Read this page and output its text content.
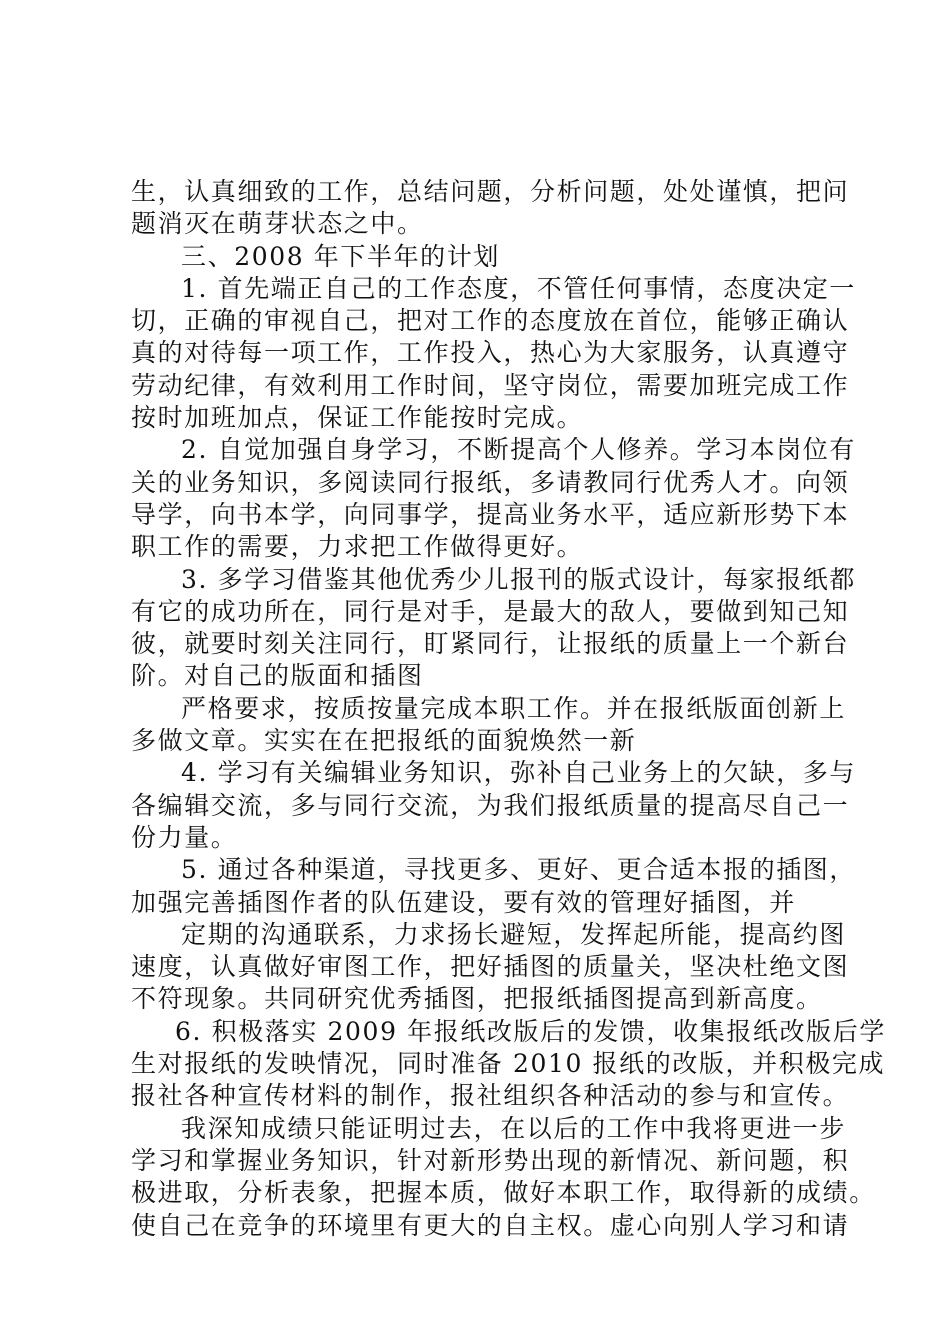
生，认真细致的工作，总结问题，分析问题，处处谨慎，把问
题消灭在萌芽状态之中。
三、2008 年下半年的计划
1. 首先端正自己的工作态度，不管任何事情，态度决定一
切，正确的审视自己，把对工作的态度放在首位，能够正确认
真的对待每一项工作，工作投入，热心为大家服务，认真遵守
劳动纪律，有效利用工作时间，坚守岗位，需要加班完成工作
按时加班加点，保证工作能按时完成。
2. 自觉加强自身学习，不断提高个人修养。学习本岗位有
关的业务知识，多阅读同行报纸，多请教同行优秀人才。向领
导学，向书本学，向同事学，提高业务水平，适应新形势下本
职工作的需要，力求把工作做得更好。
3. 多学习借鉴其他优秀少儿报刊的版式设计，每家报纸都
有它的成功所在，同行是对手，是最大的敌人，要做到知己知
彼，就要时刻关注同行，盯紧同行，让报纸的质量上一个新台
阶。对自己的版面和插图
严格要求，按质按量完成本职工作。并在报纸版面创新上
多做文章。实实在在把报纸的面貌焕然一新
4. 学习有关编辑业务知识，弥补自己业务上的欠缺，多与
各编辑交流，多与同行交流，为我们报纸质量的提高尽自己一
份力量。
5. 通过各种渠道，寻找更多、更好、更合适本报的插图，
加强完善插图作者的队伍建设，要有效的管理好插图，并
定期的沟通联系，力求扬长避短，发挥起所能，提高约图
速度，认真做好审图工作，把好插图的质量关，坚决杜绝文图
不符现象。共同研究优秀插图，把报纸插图提高到新高度。
6. 积极落实 2009 年报纸改版后的发馈，收集报纸改版后学
生对报纸的发映情况，同时准备 2010 报纸的改版，并积极完成
报社各种宣传材料的制作，报社组织各种活动的参与和宣传。
我深知成绩只能证明过去，在以后的工作中我将更进一步
学习和掌握业务知识，针对新形势出现的新情况、新问题，积
极进取，分析表象，把握本质，做好本职工作，取得新的成绩。
使自己在竞争的环境里有更大的自主权。虚心向别人学习和请
